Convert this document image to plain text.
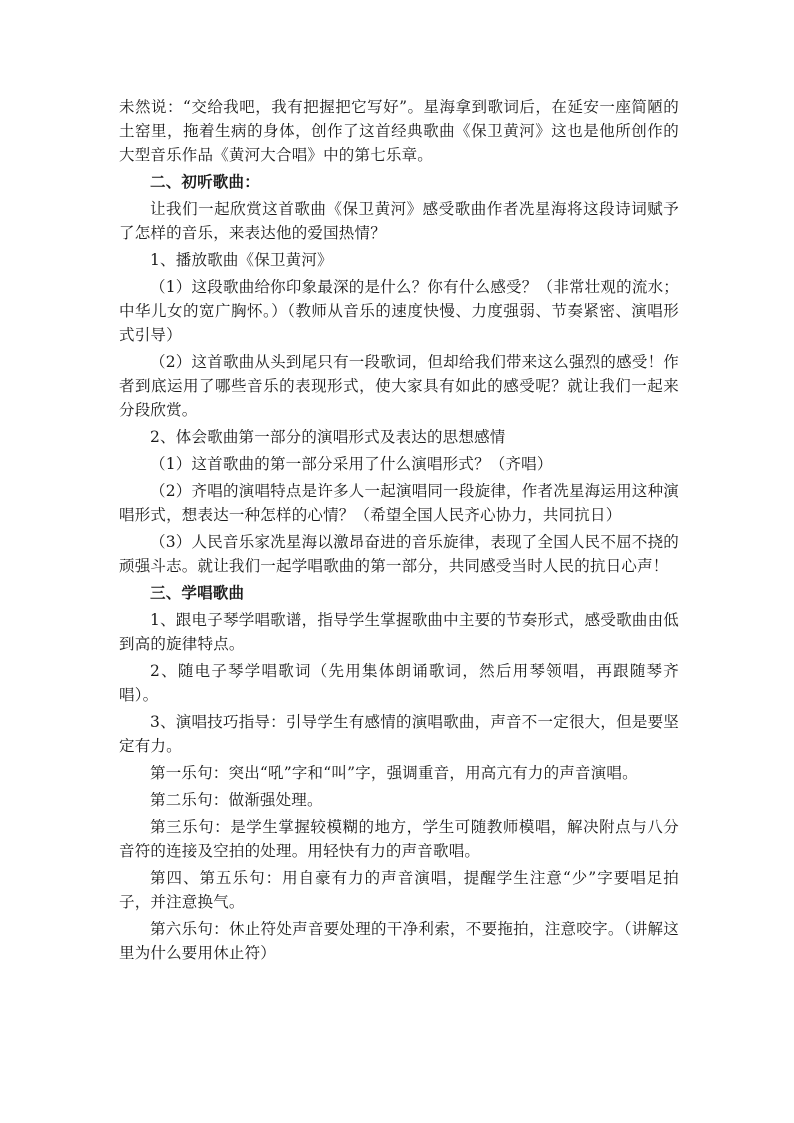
未然说：“交给我吧，我有把握把它写好”。星海拿到歌词后，在延安一座简陋的土窑里，拖着生病的身体，创作了这首经典歌曲《保卫黄河》这也是他所创作的大型音乐作品《黄河大合唱》中的第七乐章。

二、初听歌曲：

让我们一起欣赏这首歌曲《保卫黄河》感受歌曲作者冼星海将这段诗词赋予了怎样的音乐，来表达他的爱国热情？

1、播放歌曲《保卫黄河》

（1）这段歌曲给你印象最深的是什么？你有什么感受？（非常壮观的流水；中华儿女的宽广胸怀。）（教师从音乐的速度快慢、力度强弱、节奏紧密、演唱形式引导）

（2）这首歌曲从头到尾只有一段歌词，但却给我们带来这么强烈的感受！作者到底运用了哪些音乐的表现形式，使大家具有如此的感受呢？就让我们一起来分段欣赏。

2、体会歌曲第一部分的演唱形式及表达的思想感情

（1）这首歌曲的第一部分采用了什么演唱形式？（齐唱）

（2）齐唱的演唱特点是许多人一起演唱同一段旋律，作者冼星海运用这种演唱形式，想表达一种怎样的心情？（希望全国人民齐心协力，共同抗日）

（3）人民音乐家冼星海以激昂奋进的音乐旋律，表现了全国人民不屈不挠的顽强斗志。就让我们一起学唱歌曲的第一部分，共同感受当时人民的抗日心声！

三、学唱歌曲

1、跟电子琴学唱歌谱，指导学生掌握歌曲中主要的节奏形式，感受歌曲由低到高的旋律特点。

2、随电子琴学唱歌词（先用集体朗诵歌词，然后用琴领唱，再跟随琴齐唱）。

3、演唱技巧指导：引导学生有感情的演唱歌曲，声音不一定很大，但是要坚定有力。

第一乐句：突出“吼”字和“叫”字，强调重音，用高亢有力的声音演唱。

第二乐句：做渐强处理。

第三乐句：是学生掌握较模糊的地方，学生可随教师模唱，解决附点与八分音符的连接及空拍的处理。用轻快有力的声音歌唱。

第四、第五乐句：用自豪有力的声音演唱，提醒学生注意“少”字要唱足拍子，并注意换气。

第六乐句：休止符处声音要处理的干净利索，不要拖拍，注意咬字。（讲解这里为什么要用休止符）
